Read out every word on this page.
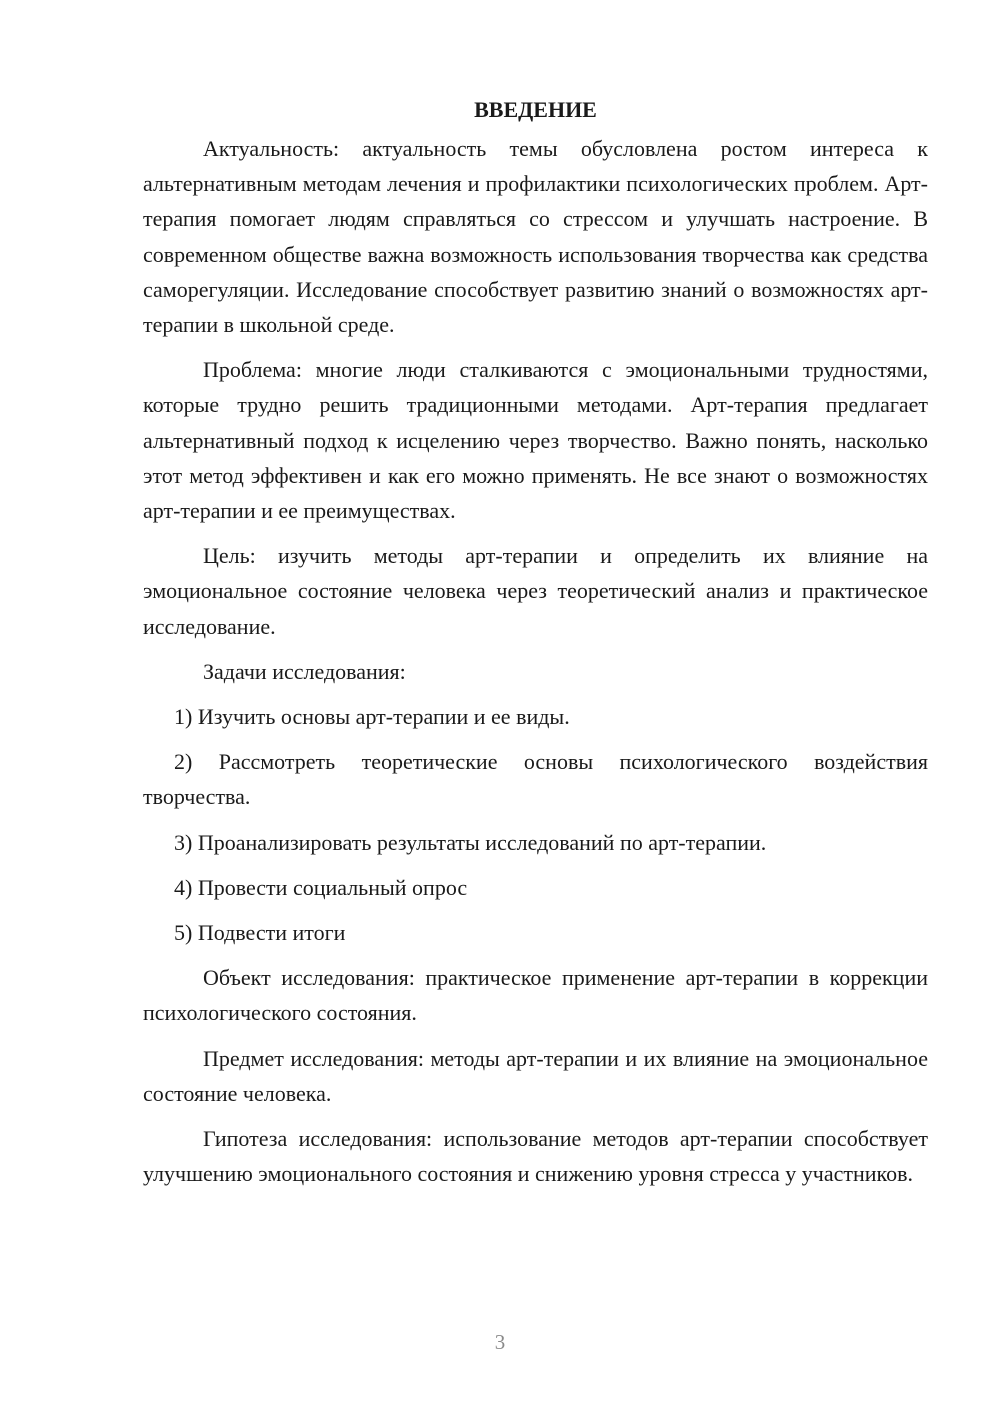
ВВЕДЕНИЕ

Актуальность: актуальность темы обусловлена ростом интереса к альтернативным методам лечения и профилактики психологических проблем. Арт-терапия помогает людям справляться со стрессом и улучшать настроение. В современном обществе важна возможность использования творчества как средства саморегуляции. Исследование способствует развитию знаний о возможностях арт-терапии в школьной среде.

Проблема: многие люди сталкиваются с эмоциональными трудностями, которые трудно решить традиционными методами. Арт-терапия предлагает альтернативный подход к исцелению через творчество. Важно понять, насколько этот метод эффективен и как его можно применять. Не все знают о возможностях арт-терапии и ее преимуществах.

Цель: изучить методы арт-терапии и определить их влияние на эмоциональное состояние человека через теоретический анализ и практическое исследование.

Задачи исследования:

1) Изучить основы арт-терапии и ее виды.

2) Рассмотреть теоретические основы психологического воздействия творчества.

3) Проанализировать результаты исследований по арт-терапии.

4) Провести социальный опрос

5) Подвести итоги

Объект исследования: практическое применение арт-терапии в коррекции психологического состояния.

Предмет исследования: методы арт-терапии и их влияние на эмоциональное состояние человека.

Гипотеза исследования: использование методов арт-терапии способствует улучшению эмоционального состояния и снижению уровня стресса у участников.

3
